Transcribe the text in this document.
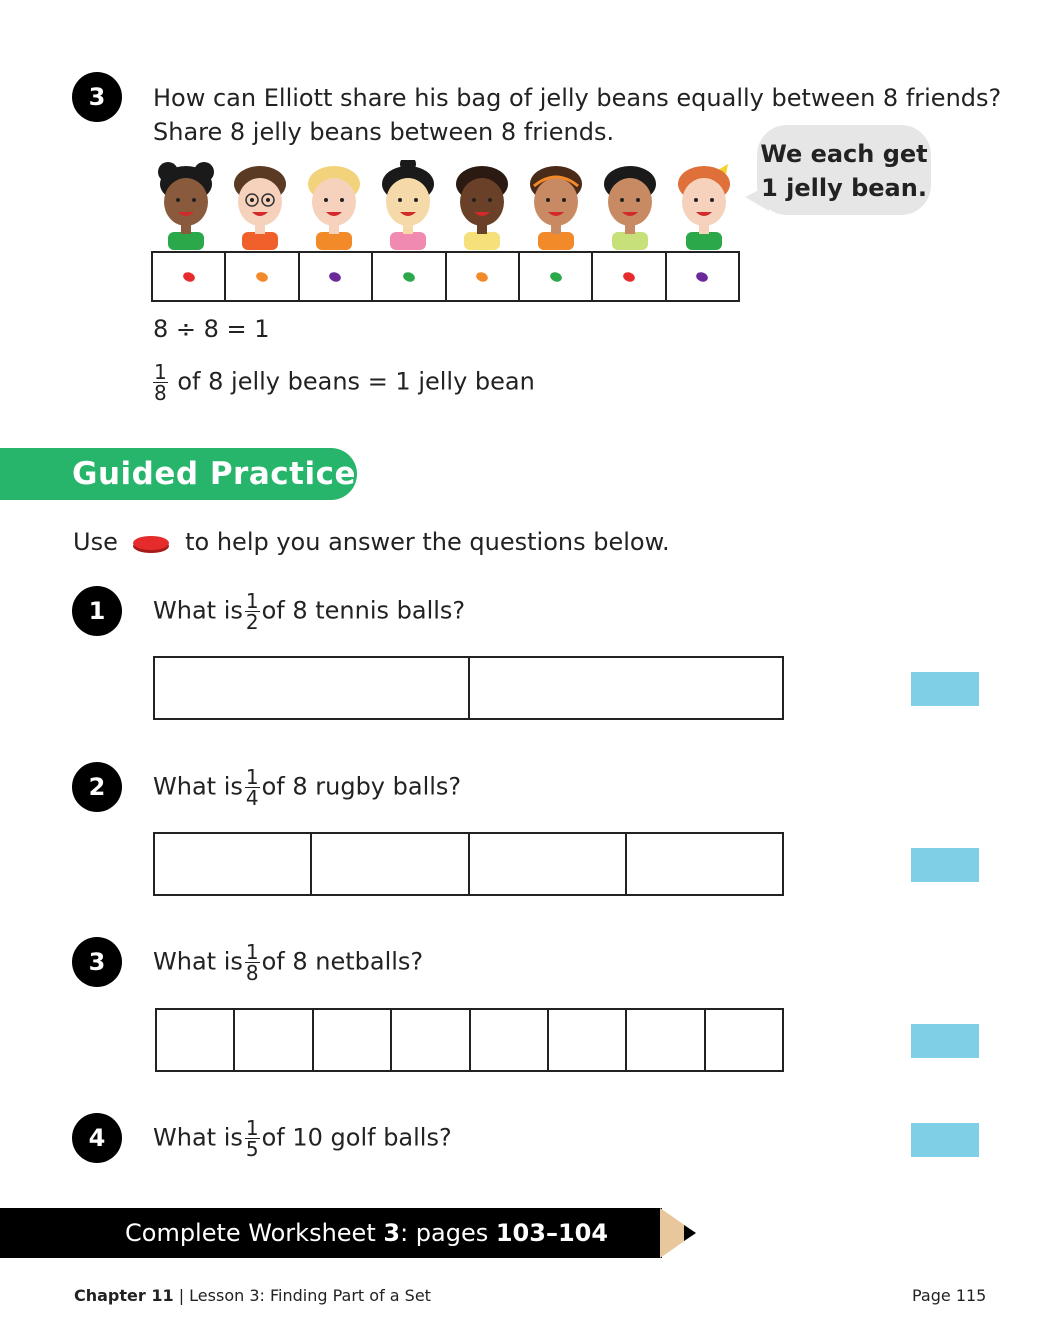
3 How can Elliott share his bag of jelly beans equally between 8 friends?
Share 8 jelly beans between 8 friends.
We each get
1 jelly bean.
8 ÷ 8 = 1
$\frac{1}{8}$ of 8 jelly beans = 1 jelly bean
Guided Practice
Use	to help you answer the questions below.
1 What is $\frac{1}{2}$ of 8 tennis balls?
2 What is $\frac{1}{4}$ of 8 rugby balls?
3 What is $\frac{1}{8}$ of 8 netballs?
4 What is $\frac{1}{5}$ of 10 golf balls?
Complete Worksheet 3: pages 103–104
Chapter 11 | Lesson 3: Finding Part of a Set	Page 115
